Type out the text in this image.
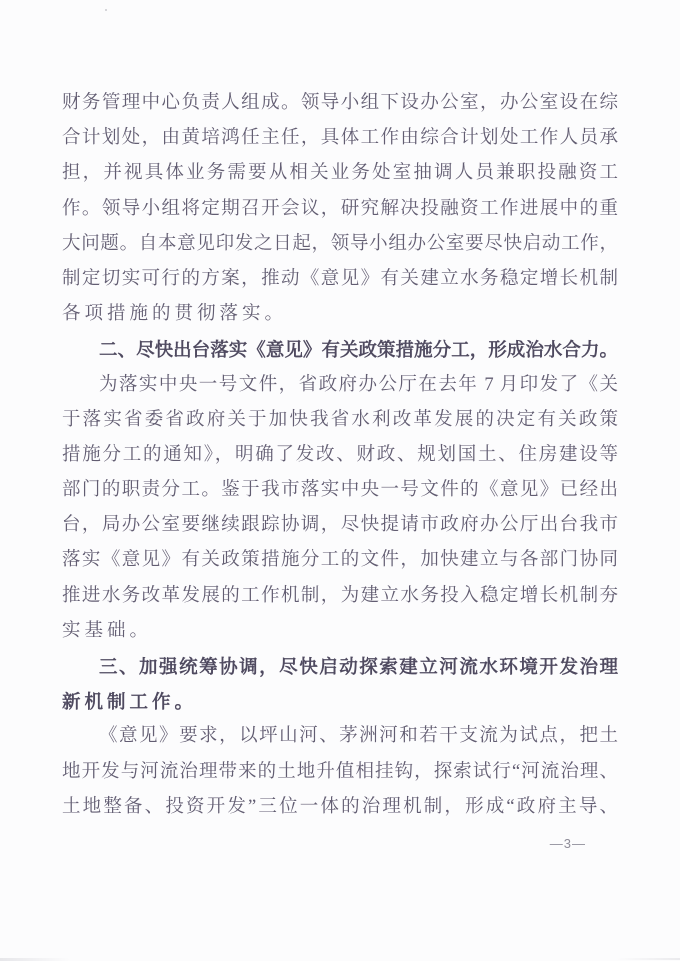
财务管理中心负责人组成。领导小组下设办公室，办公室设在综
合计划处，由黄培鸿任主任，具体工作由综合计划处工作人员承
担，并视具体业务需要从相关业务处室抽调人员兼职投融资工
作。领导小组将定期召开会议，研究解决投融资工作进展中的重
大问题。自本意见印发之日起，领导小组办公室要尽快启动工作，
制定切实可行的方案，推动《意见》有关建立水务稳定增长机制
各项措施的贯彻落实。
二、尽快出台落实《意见》有关政策措施分工，形成治水合力。
为落实中央一号文件，省政府办公厅在去年 7 月印发了《关
于落实省委省政府关于加快我省水利改革发展的决定有关政策
措施分工的通知》，明确了发改、财政、规划国土、住房建设等
部门的职责分工。鉴于我市落实中央一号文件的《意见》已经出
台，局办公室要继续跟踪协调，尽快提请市政府办公厅出台我市
落实《意见》有关政策措施分工的文件，加快建立与各部门协同
推进水务改革发展的工作机制，为建立水务投入稳定增长机制夯
实基础。
三、加强统筹协调，尽快启动探索建立河流水环境开发治理
新机制工作。
《意见》要求，以坪山河、茅洲河和若干支流为试点，把土
地开发与河流治理带来的土地升值相挂钩，探索试行“河流治理、
土地整备、投资开发”三位一体的治理机制，形成“政府主导、
—3—
